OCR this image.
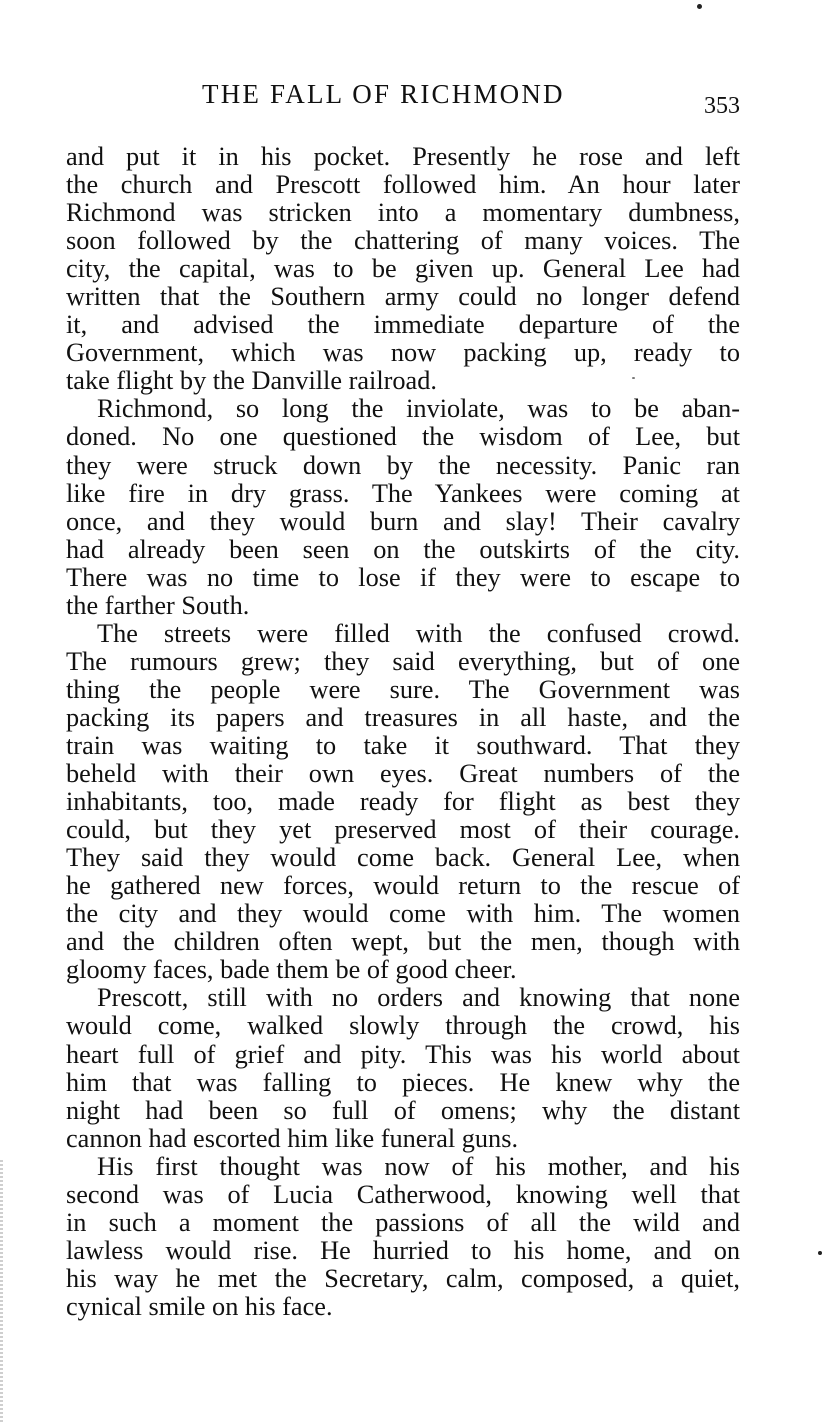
THE FALL OF RICHMOND	353
and put it in his pocket. Presently he rose and left
the church and Prescott followed him. An hour later
Richmond was stricken into a momentary dumbness,
soon followed by the chattering of many voices. The
city, the capital, was to be given up. General Lee had
written that the Southern army could no longer defend
it, and advised the immediate departure of the
Government, which was now packing up, ready to
take flight by the Danville railroad.
Richmond, so long the inviolate, was to be aban-
doned. No one questioned the wisdom of Lee, but
they were struck down by the necessity. Panic ran
like fire in dry grass. The Yankees were coming at
once, and they would burn and slay! Their cavalry
had already been seen on the outskirts of the city.
There was no time to lose if they were to escape to
the farther South.
The streets were filled with the confused crowd.
The rumours grew; they said everything, but of one
thing the people were sure. The Government was
packing its papers and treasures in all haste, and the
train was waiting to take it southward. That they
beheld with their own eyes. Great numbers of the
inhabitants, too, made ready for flight as best they
could, but they yet preserved most of their courage.
They said they would come back. General Lee, when
he gathered new forces, would return to the rescue of
the city and they would come with him. The women
and the children often wept, but the men, though with
gloomy faces, bade them be of good cheer.
Prescott, still with no orders and knowing that none
would come, walked slowly through the crowd, his
heart full of grief and pity. This was his world about
him that was falling to pieces. He knew why the
night had been so full of omens; why the distant
cannon had escorted him like funeral guns.
His first thought was now of his mother, and his
second was of Lucia Catherwood, knowing well that
in such a moment the passions of all the wild and
lawless would rise. He hurried to his home, and on
his way he met the Secretary, calm, composed, a quiet,
cynical smile on his face.
